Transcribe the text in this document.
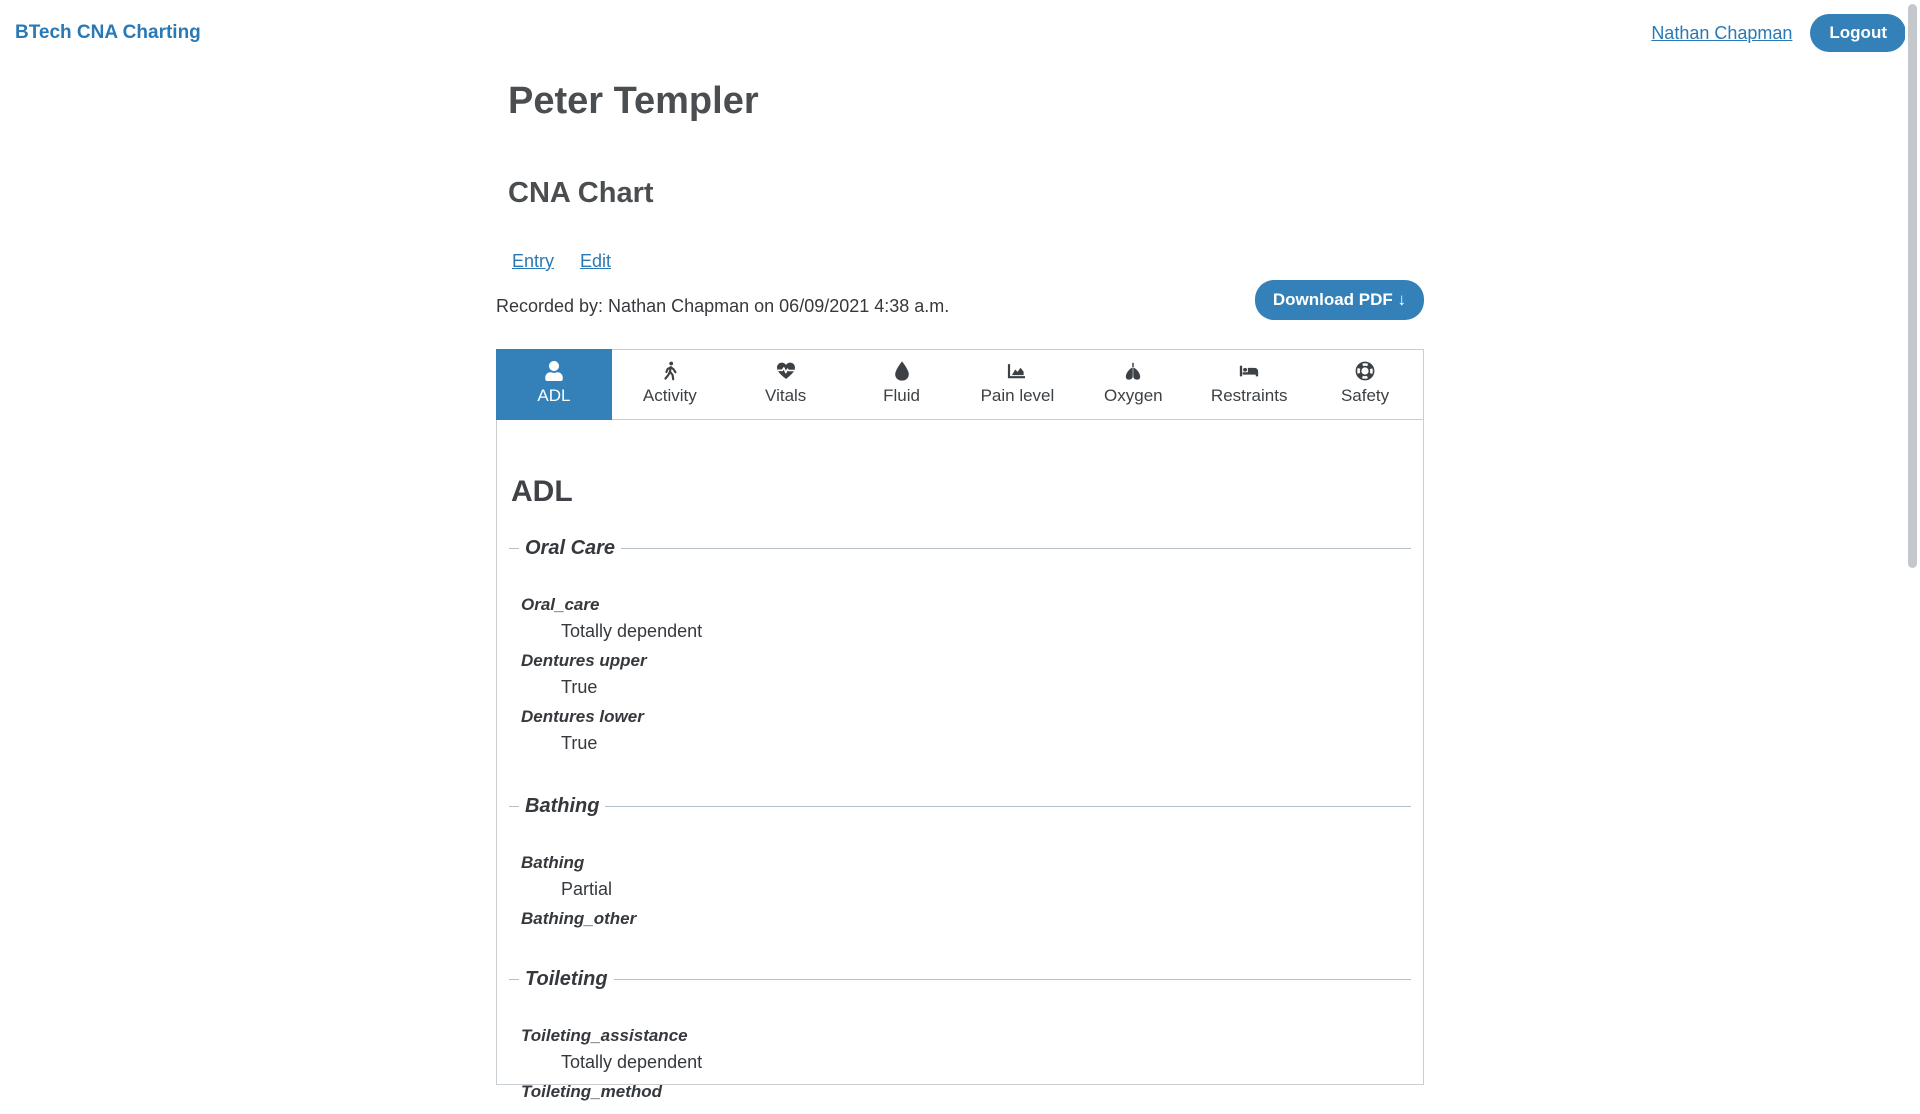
BTech CNA Charting	Nathan Chapman	Logout
Peter Templer
CNA Chart
Entry Edit
Recorded by: Nathan Chapman on 06/09/2021 4:38 a.m.	Download PDF ↓
ADL	Activity	Vitals	Fluid	Pain level	Oxygen	Restraints	Safety
ADL
Oral Care
Oral_care
Totally dependent
Dentures upper
True
Dentures lower
True
Bathing
Bathing
Partial
Bathing_other
Toileting
Toileting_assistance
Totally dependent
Toileting_method
